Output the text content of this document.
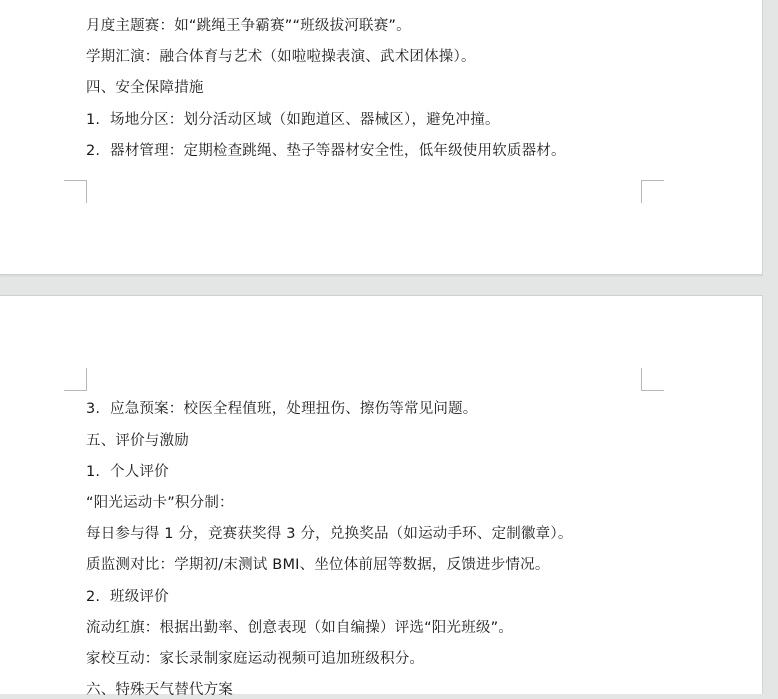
月度主题赛：如“跳绳王争霸赛”“班级拔河联赛”。
学期汇演：融合体育与艺术（如啦啦操表演、武术团体操）。
四、安全保障措施
1. 场地分区：划分活动区域（如跑道区、器械区），避免冲撞。
2. 器材管理：定期检查跳绳、垫子等器材安全性，低年级使用软质器材。
3. 应急预案：校医全程值班，处理扭伤、擦伤等常见问题。
五、评价与激励
1. 个人评价
“阳光运动卡”积分制：
每日参与得 1 分，竞赛获奖得 3 分，兑换奖品（如运动手环、定制徽章）。
质监测对比：学期初/末测试 BMI、坐位体前屈等数据，反馈进步情况。
2. 班级评价
流动红旗：根据出勤率、创意表现（如自编操）评选“阳光班级”。
家校互动：家长录制家庭运动视频可追加班级积分。
六、特殊天气替代方案
